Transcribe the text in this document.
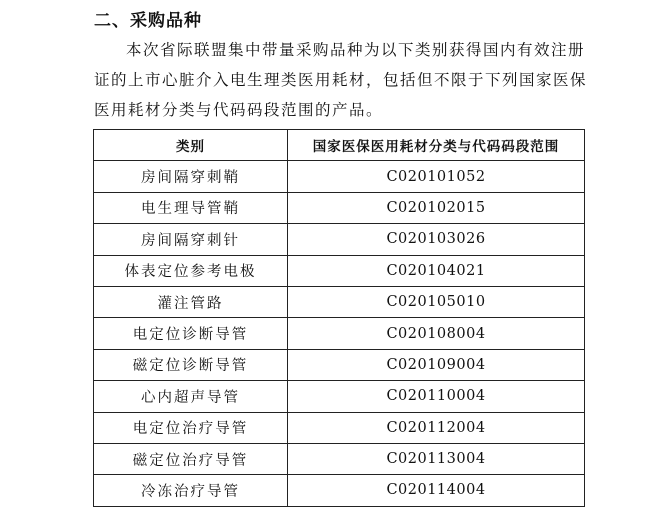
二、采购品种
本次省际联盟集中带量采购品种为以下类别获得国内有效注册
证的上市心脏介入电生理类医用耗材，包括但不限于下列国家医保
医用耗材分类与代码码段范围的产品。
类别	国家医保医用耗材分类与代码码段范围
房间隔穿刺鞘	C020101052
电生理导管鞘	C020102015
房间隔穿刺针	C020103026
体表定位参考电极	C020104021
灌注管路	C020105010
电定位诊断导管	C020108004
磁定位诊断导管	C020109004
心内超声导管	C020110004
电定位治疗导管	C020112004
磁定位治疗导管	C020113004
冷冻治疗导管	C020114004
